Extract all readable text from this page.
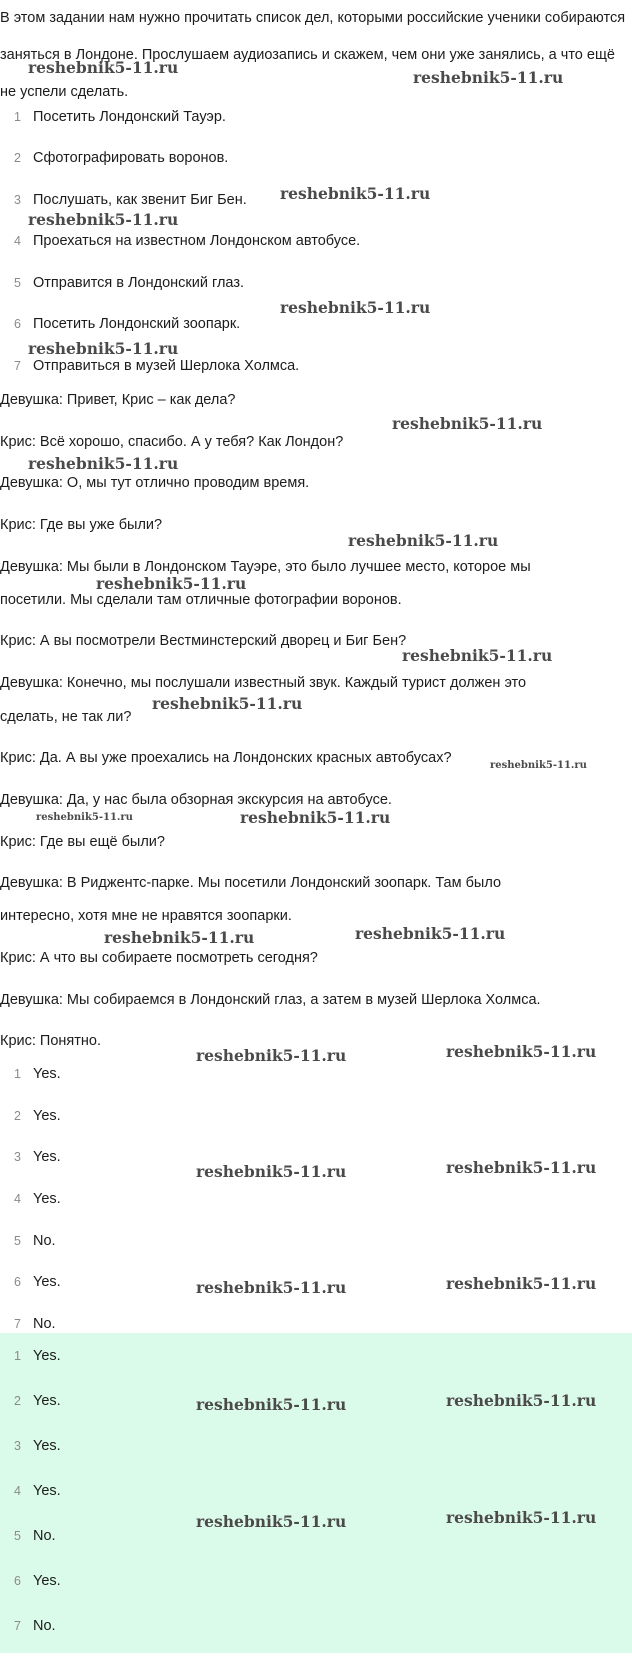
В этом задании нам нужно прочитать список дел, которыми российские ученики собираются заняться в Лондоне. Прослушаем аудиозапись и скажем, чем они уже занялись, а что ещё не успели сделать.

1 Посетить Лондонский Тауэр.
2 Сфотографировать воронов.
3 Послушать, как звенит Биг Бен.
4 Проехаться на известном Лондонском автобусе.
5 Отправится в Лондонский глаз.
6 Посетить Лондонский зоопарк.
7 Отправиться в музей Шерлока Холмса.

Девушка: Привет, Крис – как дела?

Крис: Всё хорошо, спасибо. А у тебя? Как Лондон?

Девушка: О, мы тут отлично проводим время.

Крис: Где вы уже были?

Девушка: Мы были в Лондонском Тауэре, это было лучшее место, которое мы

посетили. Мы сделали там отличные фотографии воронов.

Крис: А вы посмотрели Вестминстерский дворец и Биг Бен?

Девушка: Конечно, мы послушали известный звук. Каждый турист должен это

сделать, не так ли?

Крис: Да. А вы уже проехались на Лондонских красных автобусах?

Девушка: Да, у нас была обзорная экскурсия на автобусе.

Крис: Где вы ещё были?

Девушка: В Риджентс-парке. Мы посетили Лондонский зоопарк. Там было

интересно, хотя мне не нравятся зоопарки.

Крис: А что вы собираете посмотреть сегодня?

Девушка: Мы собираемся в Лондонский глаз, а затем в музей Шерлока Холмса.

Крис: Понятно.

1 Yes.
2 Yes.
3 Yes.
4 Yes.
5 No.
6 Yes.
7 No.
1 Yes.
2 Yes.
3 Yes.
4 Yes.
5 No.
6 Yes.
7 No.
reshebnik5-11.ru
reshebnik5-11.ru
reshebnik5-11.ru
reshebnik5-11.ru
reshebnik5-11.ru
reshebnik5-11.ru
reshebnik5-11.ru
reshebnik5-11.ru
reshebnik5-11.ru
reshebnik5-11.ru
reshebnik5-11.ru
reshebnik5-11.ru
reshebnik5-11.ru
reshebnik5-11.ru	reshebnik5-11.ru
reshebnik5-11.ru	reshebnik5-11.ru
reshebnik5-11.ru	reshebnik5-11.ru
reshebnik5-11.ru	reshebnik5-11.ru
reshebnik5-11.ru	reshebnik5-11.ru
reshebnik5-11.ru	reshebnik5-11.ru
reshebnik5-11.ru	reshebnik5-11.ru
